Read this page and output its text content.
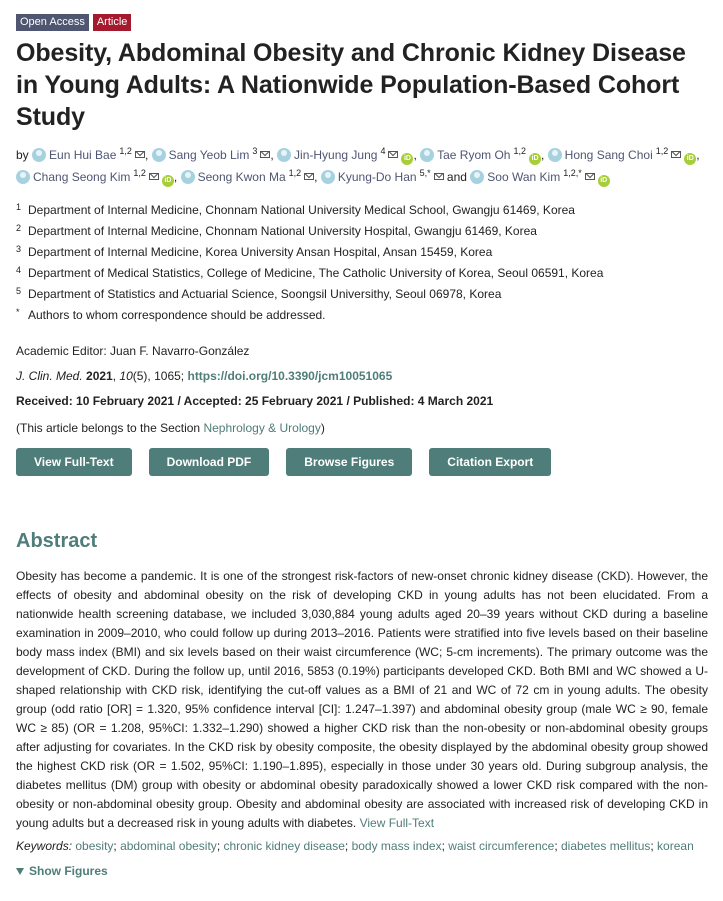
Open Access	Article
Obesity, Abdominal Obesity and Chronic Kidney Disease in Young Adults: A Nationwide Population-Based Cohort Study
by Eun Hui Bae $^{1,2}$ , Sang Yeob Lim $^3$ , Jin-Hyung Jung $^4$iD , Tae Ryom Oh $^{1,2}$iD , Hong Sang Choi $^{1,2}$iD , Chang Seong Kim $^{1,2}$iD , Seong Kwon Ma $^{1,2}$ , Kyung-Do Han $^{5,*}$ and Soo Wan Kim $^{1,2,*}$iD
1 Department of Internal Medicine, Chonnam National University Medical School, Gwangju 61469, Korea
2 Department of Internal Medicine, Chonnam National University Hospital, Gwangju 61469, Korea
3 Department of Internal Medicine, Korea University Ansan Hospital, Ansan 15459, Korea
4 Department of Medical Statistics, College of Medicine, The Catholic University of Korea, Seoul 06591, Korea
5 Department of Statistics and Actuarial Science, Soongsil Universithy, Seoul 06978, Korea
* Authors to whom correspondence should be addressed.
Academic Editor: Juan F. Navarro-González
J. Clin. Med. 2021, 10(5), 1065; https://doi.org/10.3390/jcm10051065
Received: 10 February 2021 / Accepted: 25 February 2021 / Published: 4 March 2021
(This article belongs to the Section Nephrology & Urology)
View Full-Text	Download PDF	Browse Figures	Citation Export
Abstract

Obesity has become a pandemic. It is one of the strongest risk-factors of new-onset chronic kidney disease (CKD). However, the effects of obesity and abdominal obesity on the risk of developing CKD in young adults has not been elucidated. From a nationwide health screening database, we included 3,030,884 young adults aged 20–39 years without CKD during a baseline examination in 2009–2010, who could follow up during 2013–2016. Patients were stratified into five levels based on their baseline body mass index (BMI) and six levels based on their waist circumference (WC; 5-cm increments). The primary outcome was the development of CKD. During the follow up, until 2016, 5853 (0.19%) participants developed CKD. Both BMI and WC showed a U-shaped relationship with CKD risk, identifying the cut-off values as a BMI of 21 and WC of 72 cm in young adults. The obesity group (odd ratio [OR] = 1.320, 95% confidence interval [CI]: 1.247–1.397) and abdominal obesity group (male WC ≥ 90, female WC ≥ 85) (OR = 1.208, 95%CI: 1.332–1.290) showed a higher CKD risk than the non-obesity or non-abdominal obesity groups after adjusting for covariates. In the CKD risk by obesity composite, the obesity displayed by the abdominal obesity group showed the highest CKD risk (OR = 1.502, 95%CI: 1.190–1.895), especially in those under 30 years old. During subgroup analysis, the diabetes mellitus (DM) group with obesity or abdominal obesity paradoxically showed a lower CKD risk compared with the non-obesity or non-abdominal obesity group. Obesity and abdominal obesity are associated with increased risk of developing CKD in young adults but a decreased risk in young adults with diabetes. View Full-Text

Keywords: obesity; abdominal obesity; chronic kidney disease; body mass index; waist circumference; diabetes mellitus; korean
Show Figures
